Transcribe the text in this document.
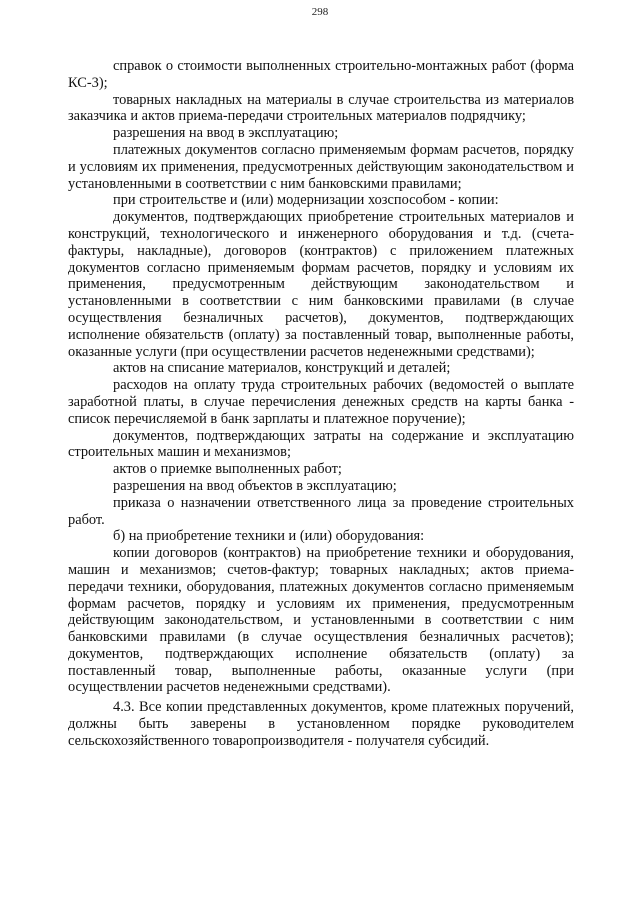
298

справок о стоимости выполненных строительно-монтажных работ (форма КС-3);

товарных накладных на материалы в случае строительства из материалов заказчика и актов приема-передачи строительных материалов подрядчику;

разрешения на ввод в эксплуатацию;

платежных документов согласно применяемым формам расчетов, порядку и условиям их применения, предусмотренных действующим законодательством и установленными в соответствии с ним банковскими правилами;

при строительстве и (или) модернизации хозспособом - копии:

документов, подтверждающих приобретение строительных материалов и конструкций, технологического и инженерного оборудования и т.д. (счета-фактуры, накладные), договоров (контрактов) с приложением платежных документов согласно применяемым формам расчетов, порядку и условиям их применения, предусмотренным действующим законодательством и установленными в соответствии с ним банковскими правилами (в случае осуществления безналичных расчетов), документов, подтверждающих исполнение обязательств (оплату) за поставленный товар, выполненные работы, оказанные услуги (при осуществлении расчетов неденежными средствами);

актов на списание материалов, конструкций и деталей;

расходов на оплату труда строительных рабочих (ведомостей о выплате заработной платы, в случае перечисления денежных средств на карты банка - список перечисляемой в банк зарплаты и платежное поручение);

документов, подтверждающих затраты на содержание и эксплуатацию строительных машин и механизмов;

актов о приемке выполненных работ;

разрешения на ввод объектов в эксплуатацию;

приказа о назначении ответственного лица за проведение строительных работ.

б) на приобретение техники и (или) оборудования:

копии договоров (контрактов) на приобретение техники и оборудования, машин и механизмов; счетов-фактур; товарных накладных; актов приема-передачи техники, оборудования, платежных документов согласно применяемым формам расчетов, порядку и условиям их применения, предусмотренным действующим законодательством, и установленными в соответствии с ним банковскими правилами (в случае осуществления безналичных расчетов); документов, подтверждающих исполнение обязательств (оплату) за поставленный товар, выполненные работы, оказанные услуги (при осуществлении расчетов неденежными средствами).

4.3. Все копии представленных документов, кроме платежных поручений, должны быть заверены в установленном порядке руководителем сельскохозяйственного товаропроизводителя - получателя субсидий.
